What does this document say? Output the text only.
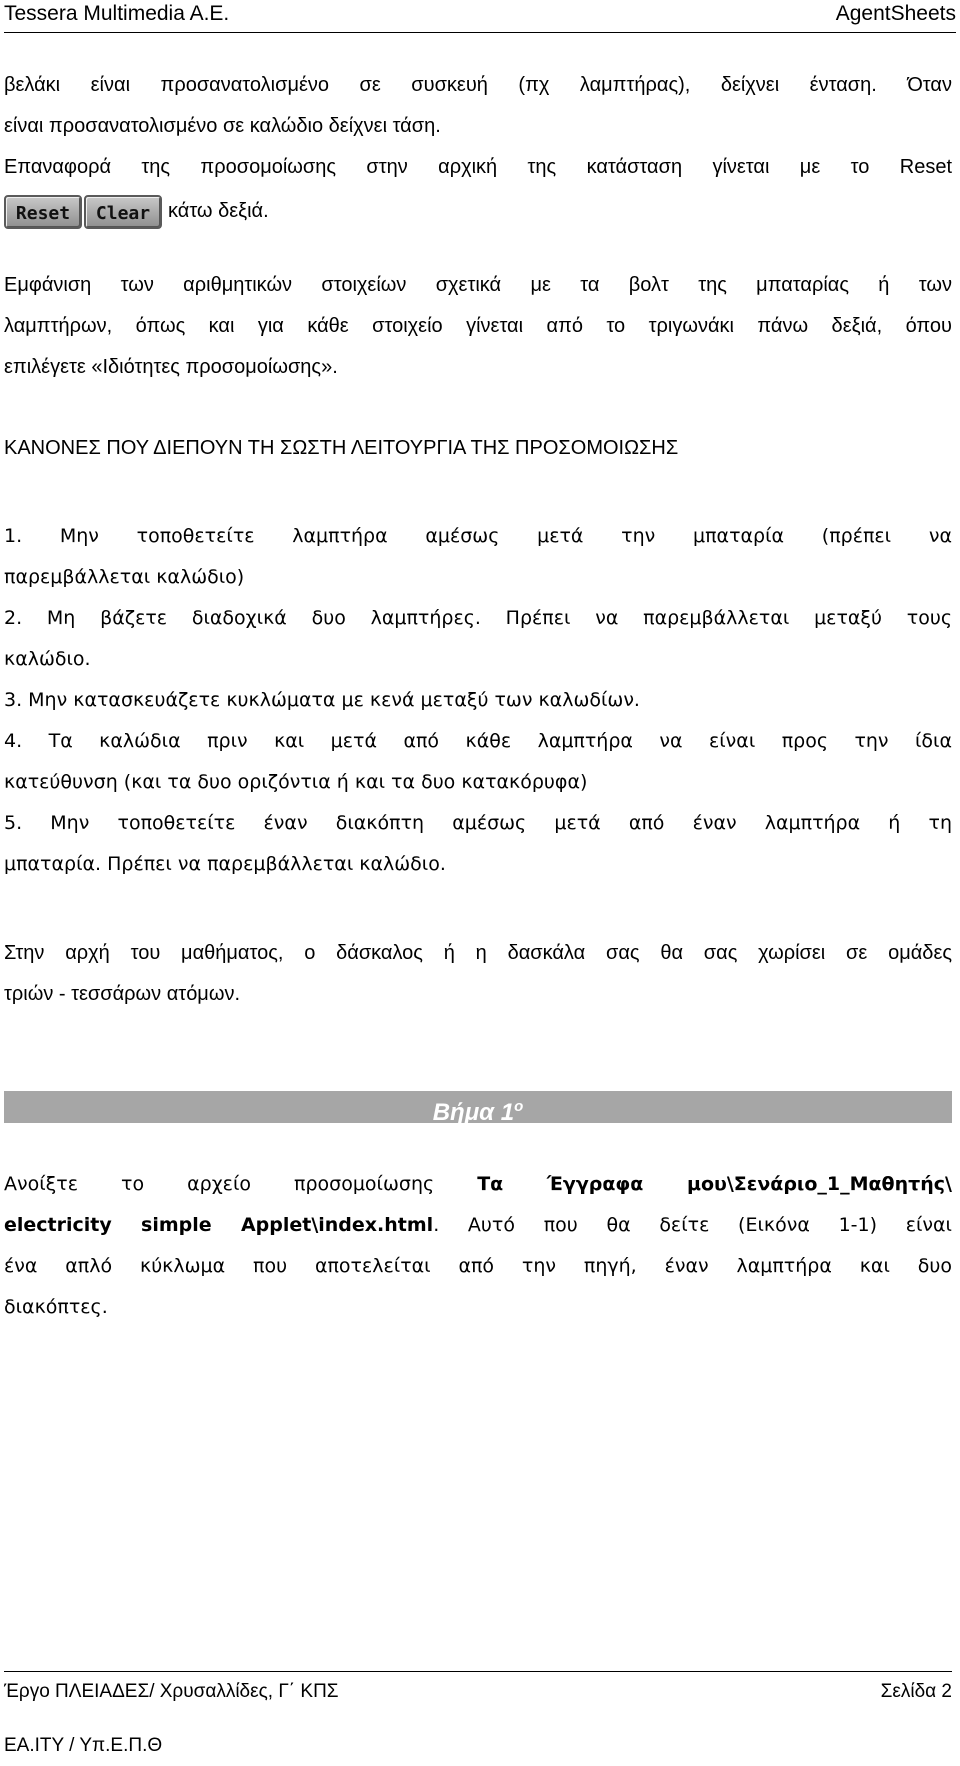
Tessera Multimedia A.E.	AgentSheets

βελάκι είναι προσανατολισμένο σε συσκευή (πχ λαμπτήρας), δείχνει ένταση. Όταν

είναι προσανατολισμένο σε καλώδιο δείχνει τάση.

Επαναφορά της προσομοίωσης στην αρχική της κατάσταση γίνεται με το Reset

Reset	Clear κάτω δεξιά.

Εμφάνιση των αριθμητικών στοιχείων σχετικά με τα βολτ της μπαταρίας ή των

λαμπτήρων, όπως και για κάθε στοιχείο γίνεται από το τριγωνάκι πάνω δεξιά, όπου

επιλέγετε «Ιδιότητες προσομοίωσης».

ΚΑΝΟΝΕΣ ΠΟΥ ΔΙΕΠΟΥΝ ΤΗ ΣΩΣΤΗ ΛΕΙΤΟΥΡΓΙΑ ΤΗΣ ΠΡΟΣΟΜΟΙΩΣΗΣ

1. Μην τοποθετείτε λαμπτήρα αμέσως μετά την μπαταρία (πρέπει να

παρεμβάλλεται καλώδιο)

2. Μη βάζετε διαδοχικά δυο λαμπτήρες. Πρέπει να παρεμβάλλεται μεταξύ τους

καλώδιο.

3. Μην κατασκευάζετε κυκλώματα με κενά μεταξύ των καλωδίων.

4. Τα καλώδια πριν και μετά από κάθε λαμπτήρα να είναι προς την ίδια

κατεύθυνση (και τα δυο οριζόντια ή και τα δυο κατακόρυφα)

5. Μην τοποθετείτε έναν διακόπτη αμέσως μετά από έναν λαμπτήρα ή τη

μπαταρία. Πρέπει να παρεμβάλλεται καλώδιο.

Στην αρχή του μαθήματος, ο δάσκαλος ή η δασκάλα σας θα σας χωρίσει σε ομάδες

τριών - τεσσάρων ατόμων.

Βήμα $1^o$

Ανοίξτε το αρχείο προσομοίωσης Τα Έγγραφα μου\Σενάριο_1_Μαθητής\

electricity simple Applet\index.html. Αυτό που θα δείτε (Εικόνα 1-1) είναι

ένα απλό κύκλωμα που αποτελείται από την πηγή, έναν λαμπτήρα και δυο

διακόπτες.

Έργο ΠΛΕΙΑΔΕΣ/ Χρυσαλλίδες, Γ΄ ΚΠΣ	Σελίδα 2
ΕΑ.ΙΤΥ / Υπ.Ε.Π.Θ
